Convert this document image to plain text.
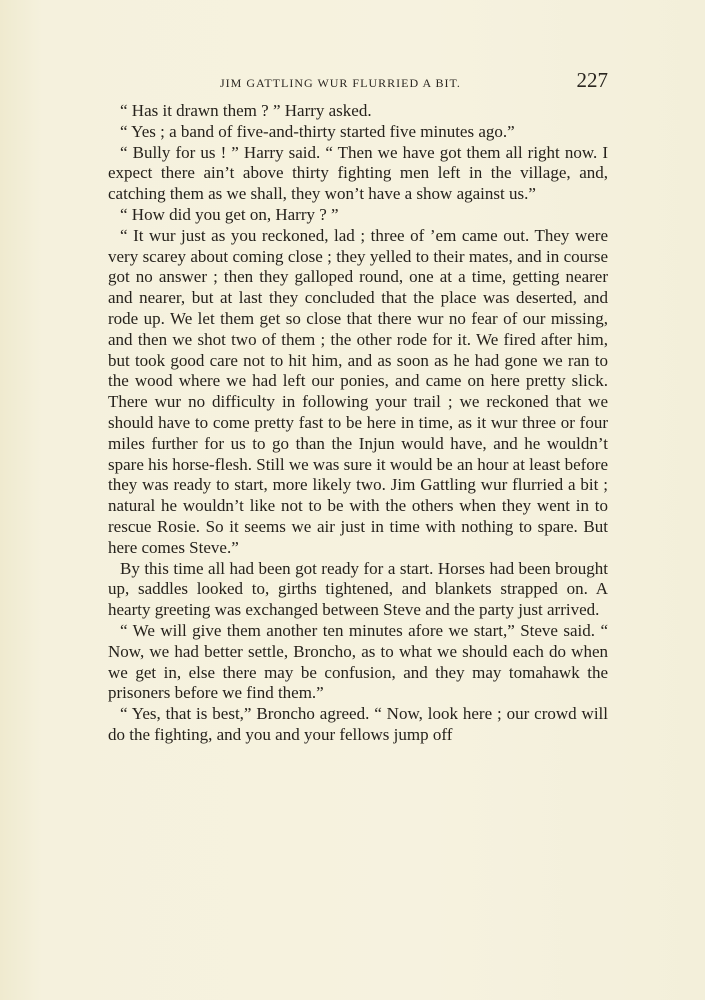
JIM GATTLING WUR FLURRIED A BIT.	227

“ Has it drawn them ? ” Harry asked.

“ Yes ; a band of five-and-thirty started five minutes ago.”

“ Bully for us ! ” Harry said. “ Then we have got them all right now. I expect there ain’t above thirty fighting men left in the village, and, catching them as we shall, they won’t have a show against us.”

“ How did you get on, Harry ? ”

“ It wur just as you reckoned, lad ; three of ’em came out. They were very scarey about coming close ; they yelled to their mates, and in course got no answer ; then they galloped round, one at a time, getting nearer and nearer, but at last they concluded that the place was deserted, and rode up. We let them get so close that there wur no fear of our missing, and then we shot two of them ; the other rode for it. We fired after him, but took good care not to hit him, and as soon as he had gone we ran to the wood where we had left our ponies, and came on here pretty slick. There wur no difficulty in following your trail ; we reckoned that we should have to come pretty fast to be here in time, as it wur three or four miles further for us to go than the Injun would have, and he wouldn’t spare his horse-flesh. Still we was sure it would be an hour at least before they was ready to start, more likely two. Jim Gattling wur flurried a bit ; natural he wouldn’t like not to be with the others when they went in to rescue Rosie. So it seems we air just in time with nothing to spare. But here comes Steve.”

By this time all had been got ready for a start. Horses had been brought up, saddles looked to, girths tightened, and blankets strapped on. A hearty greeting was exchanged between Steve and the party just arrived.

“ We will give them another ten minutes afore we start,” Steve said. “ Now, we had better settle, Broncho, as to what we should each do when we get in, else there may be confusion, and they may tomahawk the prisoners before we find them.”

“ Yes, that is best,” Broncho agreed. “ Now, look here ; our crowd will do the fighting, and you and your fellows jump off
